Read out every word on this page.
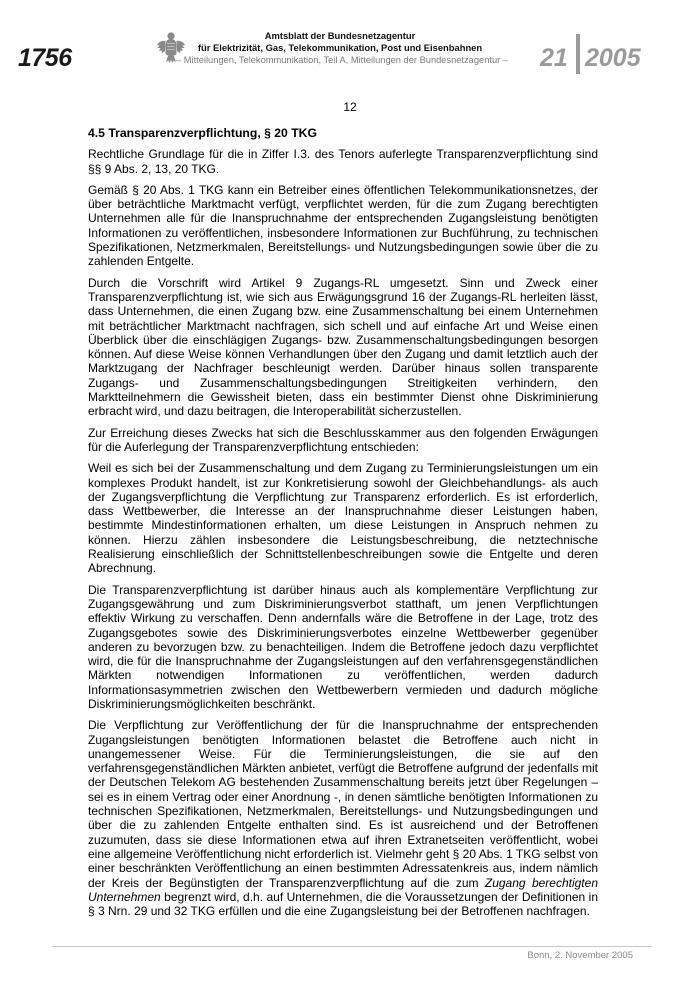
1756
Amtsblatt der Bundesnetzagentur
für Elektrizität, Gas, Telekommunikation, Post und Eisenbahnen
– Mitteilungen, Telekommunikation, Teil A, Mitteilungen der Bundesnetzagentur – 21 2005
12
4.5 Transparenzverpflichtung, § 20 TKG

Rechtliche Grundlage für die in Ziffer I.3. des Tenors auferlegte Transparenzverpflichtung sind §§ 9 Abs. 2, 13, 20 TKG.

Gemäß § 20 Abs. 1 TKG kann ein Betreiber eines öffentlichen Telekommunikationsnetzes, der über beträchtliche Marktmacht verfügt, verpflichtet werden, für die zum Zugang berechtigten Unternehmen alle für die Inanspruchnahme der entsprechenden Zugangsleistung benötigten Informationen zu veröffentlichen, insbesondere Informationen zur Buchführung, zu technischen Spezifikationen, Netzmerkmalen, Bereitstellungs- und Nutzungsbedingungen sowie über die zu zahlenden Entgelte.

Durch die Vorschrift wird Artikel 9 Zugangs-RL umgesetzt. Sinn und Zweck einer Transparenzverpflichtung ist, wie sich aus Erwägungsgrund 16 der Zugangs-RL herleiten lässt, dass Unternehmen, die einen Zugang bzw. eine Zusammenschaltung bei einem Unternehmen mit beträchtlicher Marktmacht nachfragen, sich schell und auf einfache Art und Weise einen Überblick über die einschlägigen Zugangs- bzw. Zusammenschaltungsbedingungen besorgen können. Auf diese Weise können Verhandlungen über den Zugang und damit letztlich auch der Marktzugang der Nachfrager beschleunigt werden. Darüber hinaus sollen transparente Zugangs- und Zusammenschaltungsbedingungen Streitigkeiten verhindern, den Marktteilnehmern die Gewissheit bieten, dass ein bestimmter Dienst ohne Diskriminierung erbracht wird, und dazu beitragen, die Interoperabilität sicherzustellen.

Zur Erreichung dieses Zwecks hat sich die Beschlusskammer aus den folgenden Erwägungen für die Auferlegung der Transparenzverpflichtung entschieden:

Weil es sich bei der Zusammenschaltung und dem Zugang zu Terminierungsleistungen um ein komplexes Produkt handelt, ist zur Konkretisierung sowohl der Gleichbehandlungs- als auch der Zugangsverpflichtung die Verpflichtung zur Transparenz erforderlich. Es ist erforderlich, dass Wettbewerber, die Interesse an der Inanspruchnahme dieser Leistungen haben, bestimmte Mindestinformationen erhalten, um diese Leistungen in Anspruch nehmen zu können. Hierzu zählen insbesondere die Leistungsbeschreibung, die netztechnische Realisierung einschließlich der Schnittstellenbeschreibungen sowie die Entgelte und deren Abrechnung.

Die Transparenzverpflichtung ist darüber hinaus auch als komplementäre Verpflichtung zur Zugangsgewährung und zum Diskriminierungsverbot statthaft, um jenen Verpflichtungen effektiv Wirkung zu verschaffen. Denn andernfalls wäre die Betroffene in der Lage, trotz des Zugangsgebotes sowie des Diskriminierungsverbotes einzelne Wettbewerber gegenüber anderen zu bevorzugen bzw. zu benachteiligen. Indem die Betroffene jedoch dazu verpflichtet wird, die für die Inanspruchnahme der Zugangsleistungen auf den verfahrensgegenständlichen Märkten notwendigen Informationen zu veröffentlichen, werden dadurch Informationsasymmetrien zwischen den Wettbewerbern vermieden und dadurch mögliche Diskriminierungsmöglichkeiten beschränkt.

Die Verpflichtung zur Veröffentlichung der für die Inanspruchnahme der entsprechenden Zugangsleistungen benötigten Informationen belastet die Betroffene auch nicht in unangemessener Weise. Für die Terminierungsleistungen, die sie auf den verfahrensgegenständlichen Märkten anbietet, verfügt die Betroffene aufgrund der jedenfalls mit der Deutschen Telekom AG bestehenden Zusammenschaltung bereits jetzt über Regelungen – sei es in einem Vertrag oder einer Anordnung -, in denen sämtliche benötigten Informationen zu technischen Spezifikationen, Netzmerkmalen, Bereitstellungs- und Nutzungsbedingungen und über die zu zahlenden Entgelte enthalten sind. Es ist ausreichend und der Betroffenen zuzumuten, dass sie diese Informationen etwa auf ihren Extranetseiten veröffentlicht, wobei eine allgemeine Veröffentlichung nicht erforderlich ist. Vielmehr geht § 20 Abs. 1 TKG selbst von einer beschränkten Veröffentlichung an einen bestimmten Adressatenkreis aus, indem nämlich der Kreis der Begünstigten der Transparenzverpflichtung auf die zum Zugang berechtigten Unternehmen begrenzt wird, d.h. auf Unternehmen, die die Voraussetzungen der Definitionen in § 3 Nrn. 29 und 32 TKG erfüllen und die eine Zugangsleistung bei der Betroffenen nachfragen.

Bonn, 2. November 2005
